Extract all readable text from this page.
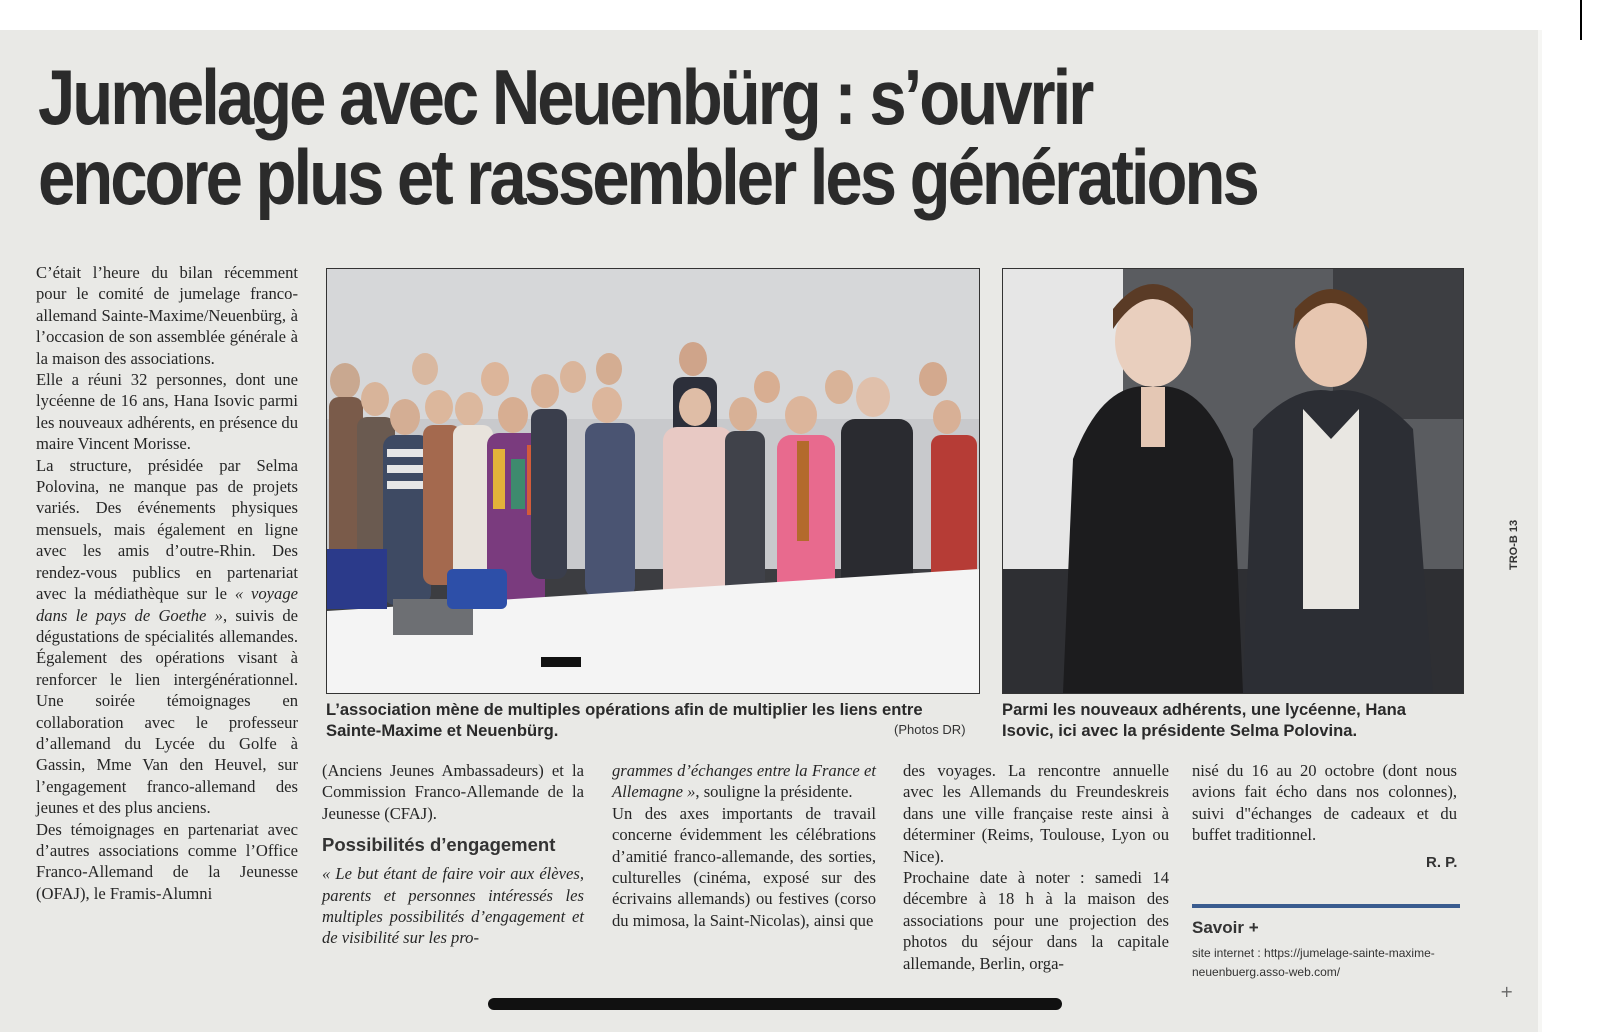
Jumelage avec Neuenbürg : s’ouvrir
encore plus et rassembler les générations

C’était l’heure du bilan récemment pour le comité de jumelage franco-allemand Sainte-Maxime/Neuenbürg, à l’occasion de son assemblée générale à la maison des associations.

Elle a réuni 32 personnes, dont une lycéenne de 16 ans, Hana Isovic parmi les nouveaux adhérents, en présence du maire Vincent Morisse.

La structure, présidée par Selma Polovina, ne manque pas de projets variés. Des événements physiques mensuels, mais également en ligne avec les amis d’outre-Rhin. Des rendez-vous publics en partenariat avec la médiathèque sur le « voyage dans le pays de Goethe », suivis de dégustations de spécialités allemandes. Également des opérations visant à renforcer le lien intergénérationnel. Une soirée témoignages en collaboration avec le professeur d’allemand du Lycée du Golfe à Gassin, Mme Van den Heuvel, sur l’engagement franco-allemand des jeunes et des plus anciens.

Des témoignages en partenariat avec d’autres associations comme l’Office Franco-Allemand de la Jeunesse (OFAJ), le Framis-Alumni

L’association mène de multiples opérations afin de multiplier les liens entre Sainte-Maxime et Neuenbürg.	(Photos DR)
Parmi les nouveaux adhérents, une lycéenne, Hana Isovic, ici avec la présidente Selma Polovina.

(Anciens Jeunes Ambassadeurs) et la Commission Franco-Allemande de la Jeunesse (CFAJ).

Possibilités d’engagement

« Le but étant de faire voir aux élèves, parents et personnes intéressés les multiples possibilités d’engagement et de visibilité sur les pro-

grammes d’échanges entre la France et Allemagne », souligne la présidente.

Un des axes importants de travail concerne évidemment les célébrations d’amitié franco-allemande, des sorties, culturelles (cinéma, exposé sur des écrivains allemands) ou festives (corso du mimosa, la Saint-Nicolas), ainsi que

des voyages. La rencontre annuelle avec les Allemands du Freundeskreis dans une ville française reste ainsi à déterminer (Reims, Toulouse, Lyon ou Nice).

Prochaine date à noter : samedi 14 décembre à 18 h à la maison des associations pour une projection des photos du séjour dans la capitale allemande, Berlin, orga-

nisé du 16 au 20 octobre (dont nous avions fait écho dans nos colonnes), suivi d"échanges de cadeaux et du buffet traditionnel.

R. P.
Savoir +
site internet : https://jumelage-sainte-maxime-neuenbuerg.asso-web.com/
TRO-B 13
+
